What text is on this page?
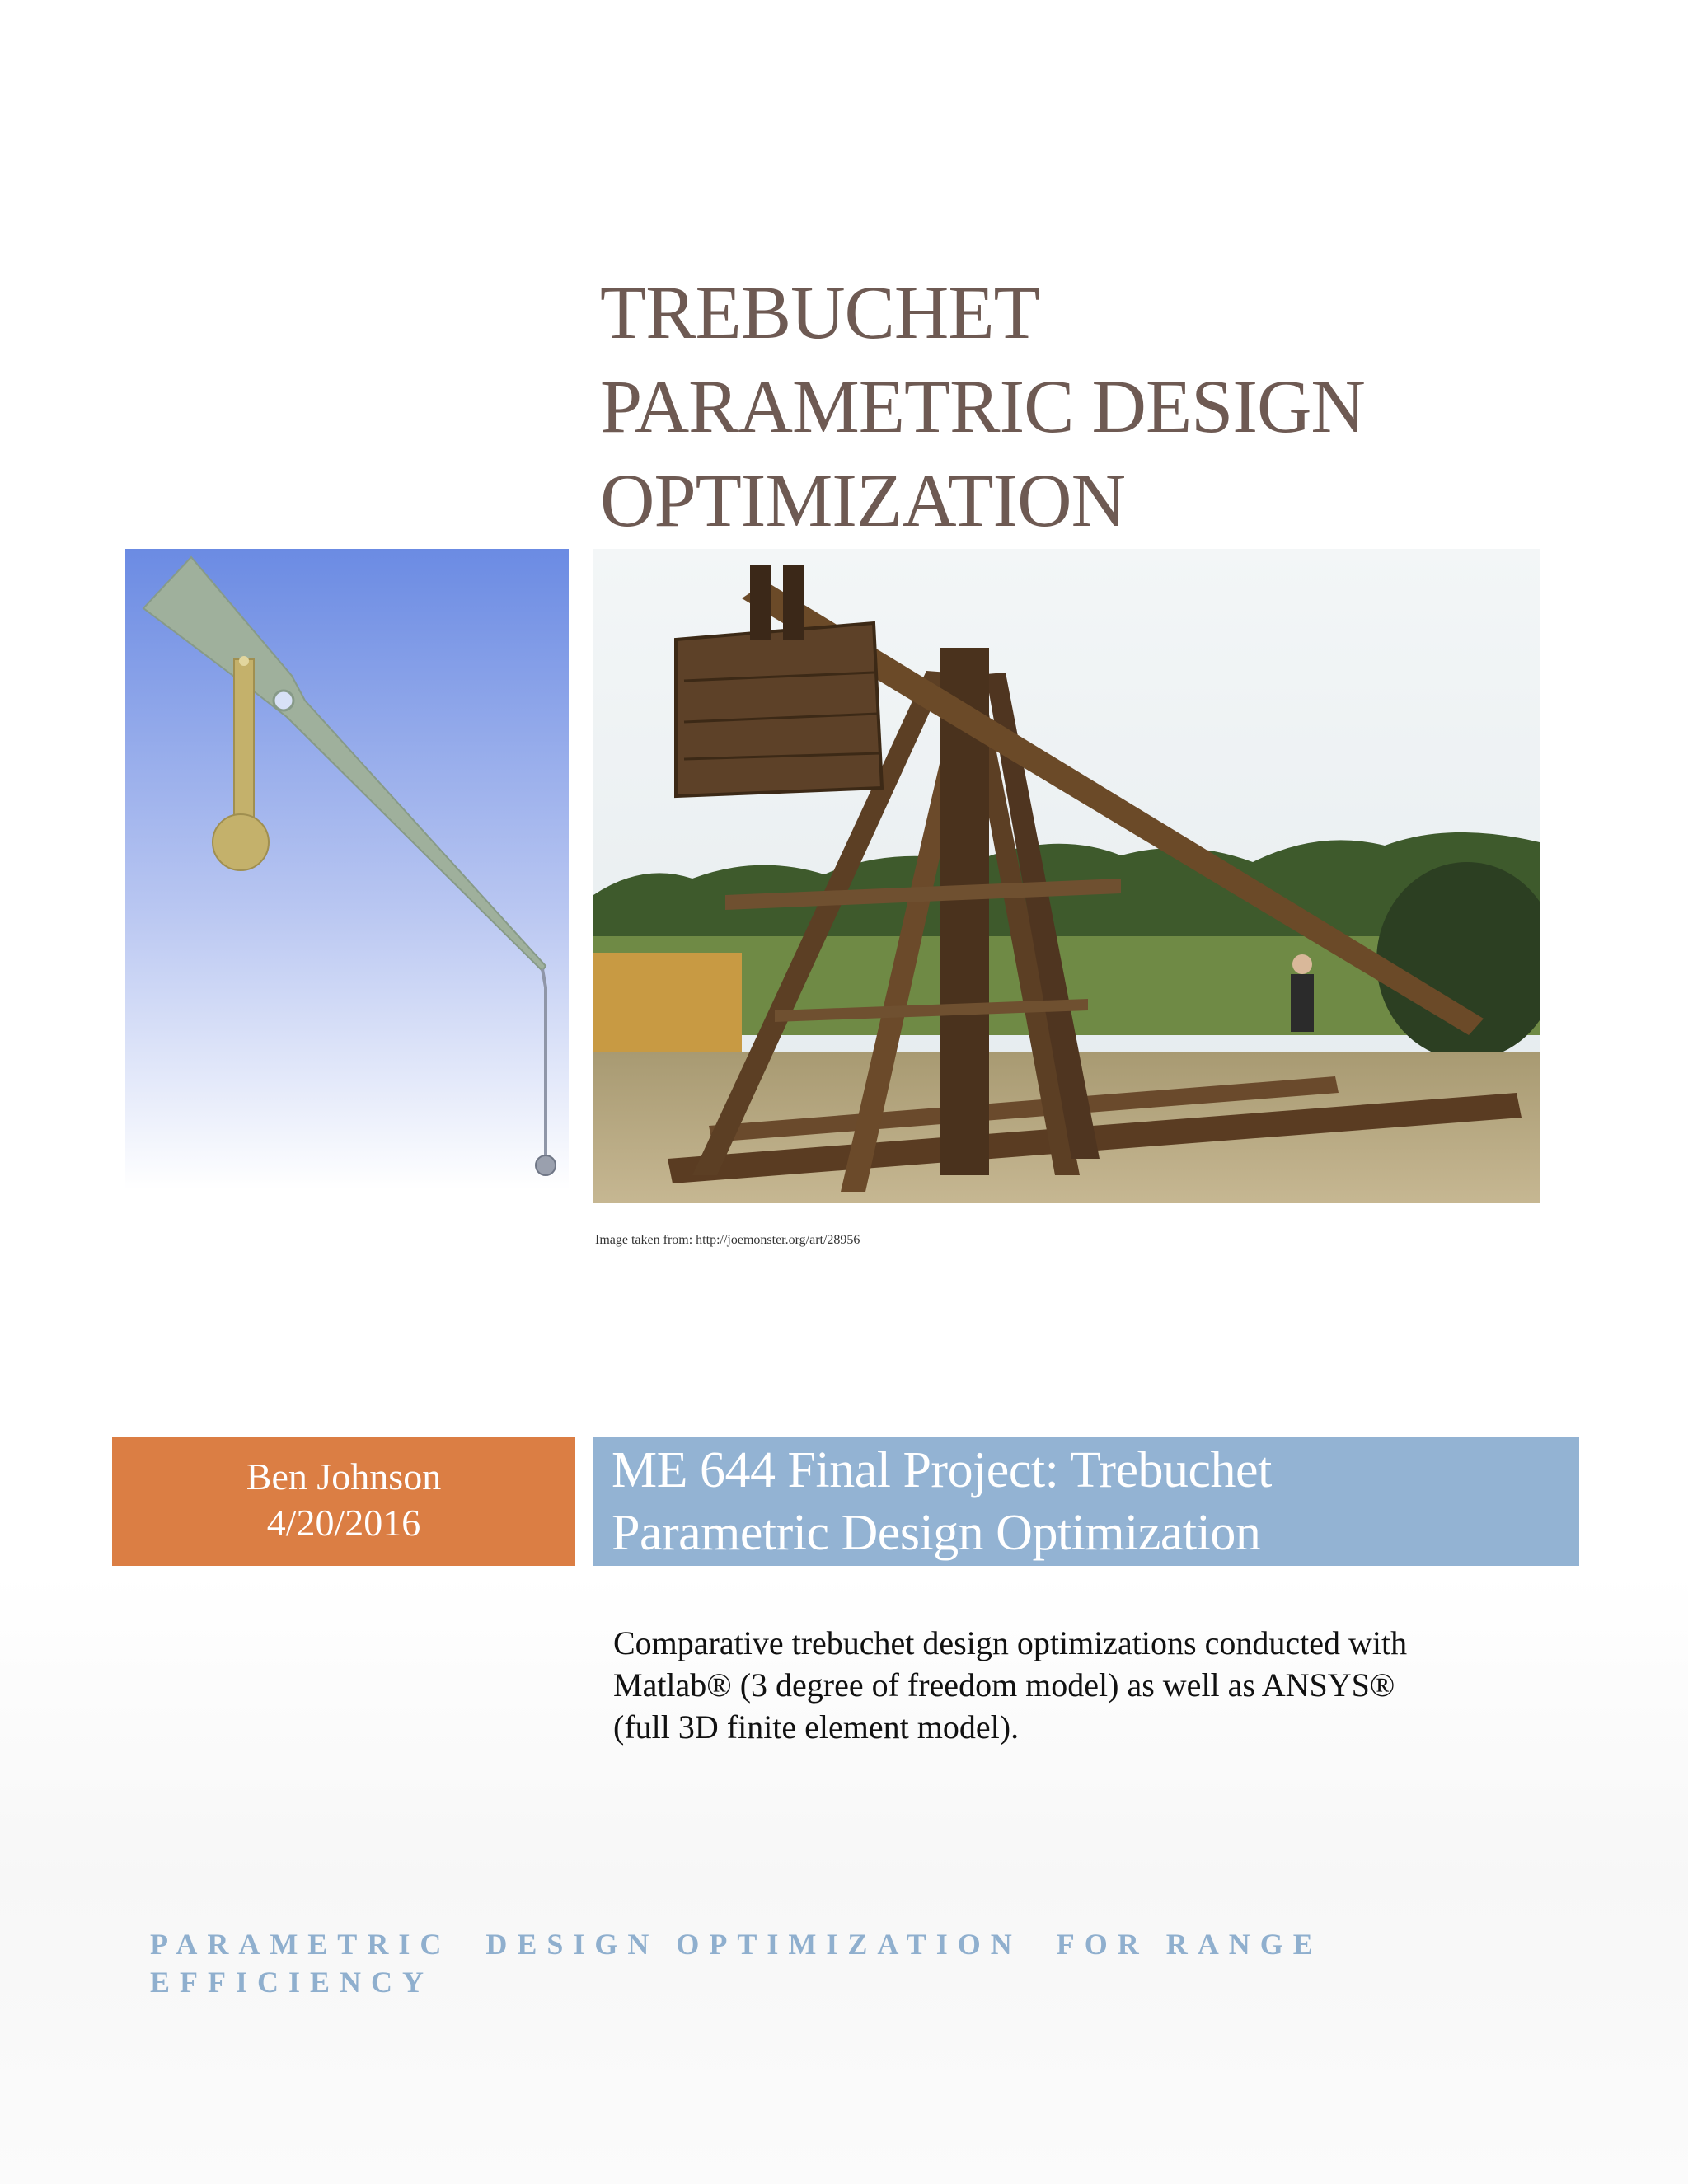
TREBUCHET
PARAMETRIC DESIGN
OPTIMIZATION
Image taken from: http://joemonster.org/art/28956
Ben Johnson
4/20/2016
ME 644 Final Project: Trebuchet
Parametric Design Optimization
Comparative trebuchet design optimizations conducted with
Matlab® (3 degree of freedom model) as well as ANSYS®
(full 3D finite element model).
PARAMETRIC  DESIGN OPTIMIZATION  FOR RANGE
EFFICIENCY
